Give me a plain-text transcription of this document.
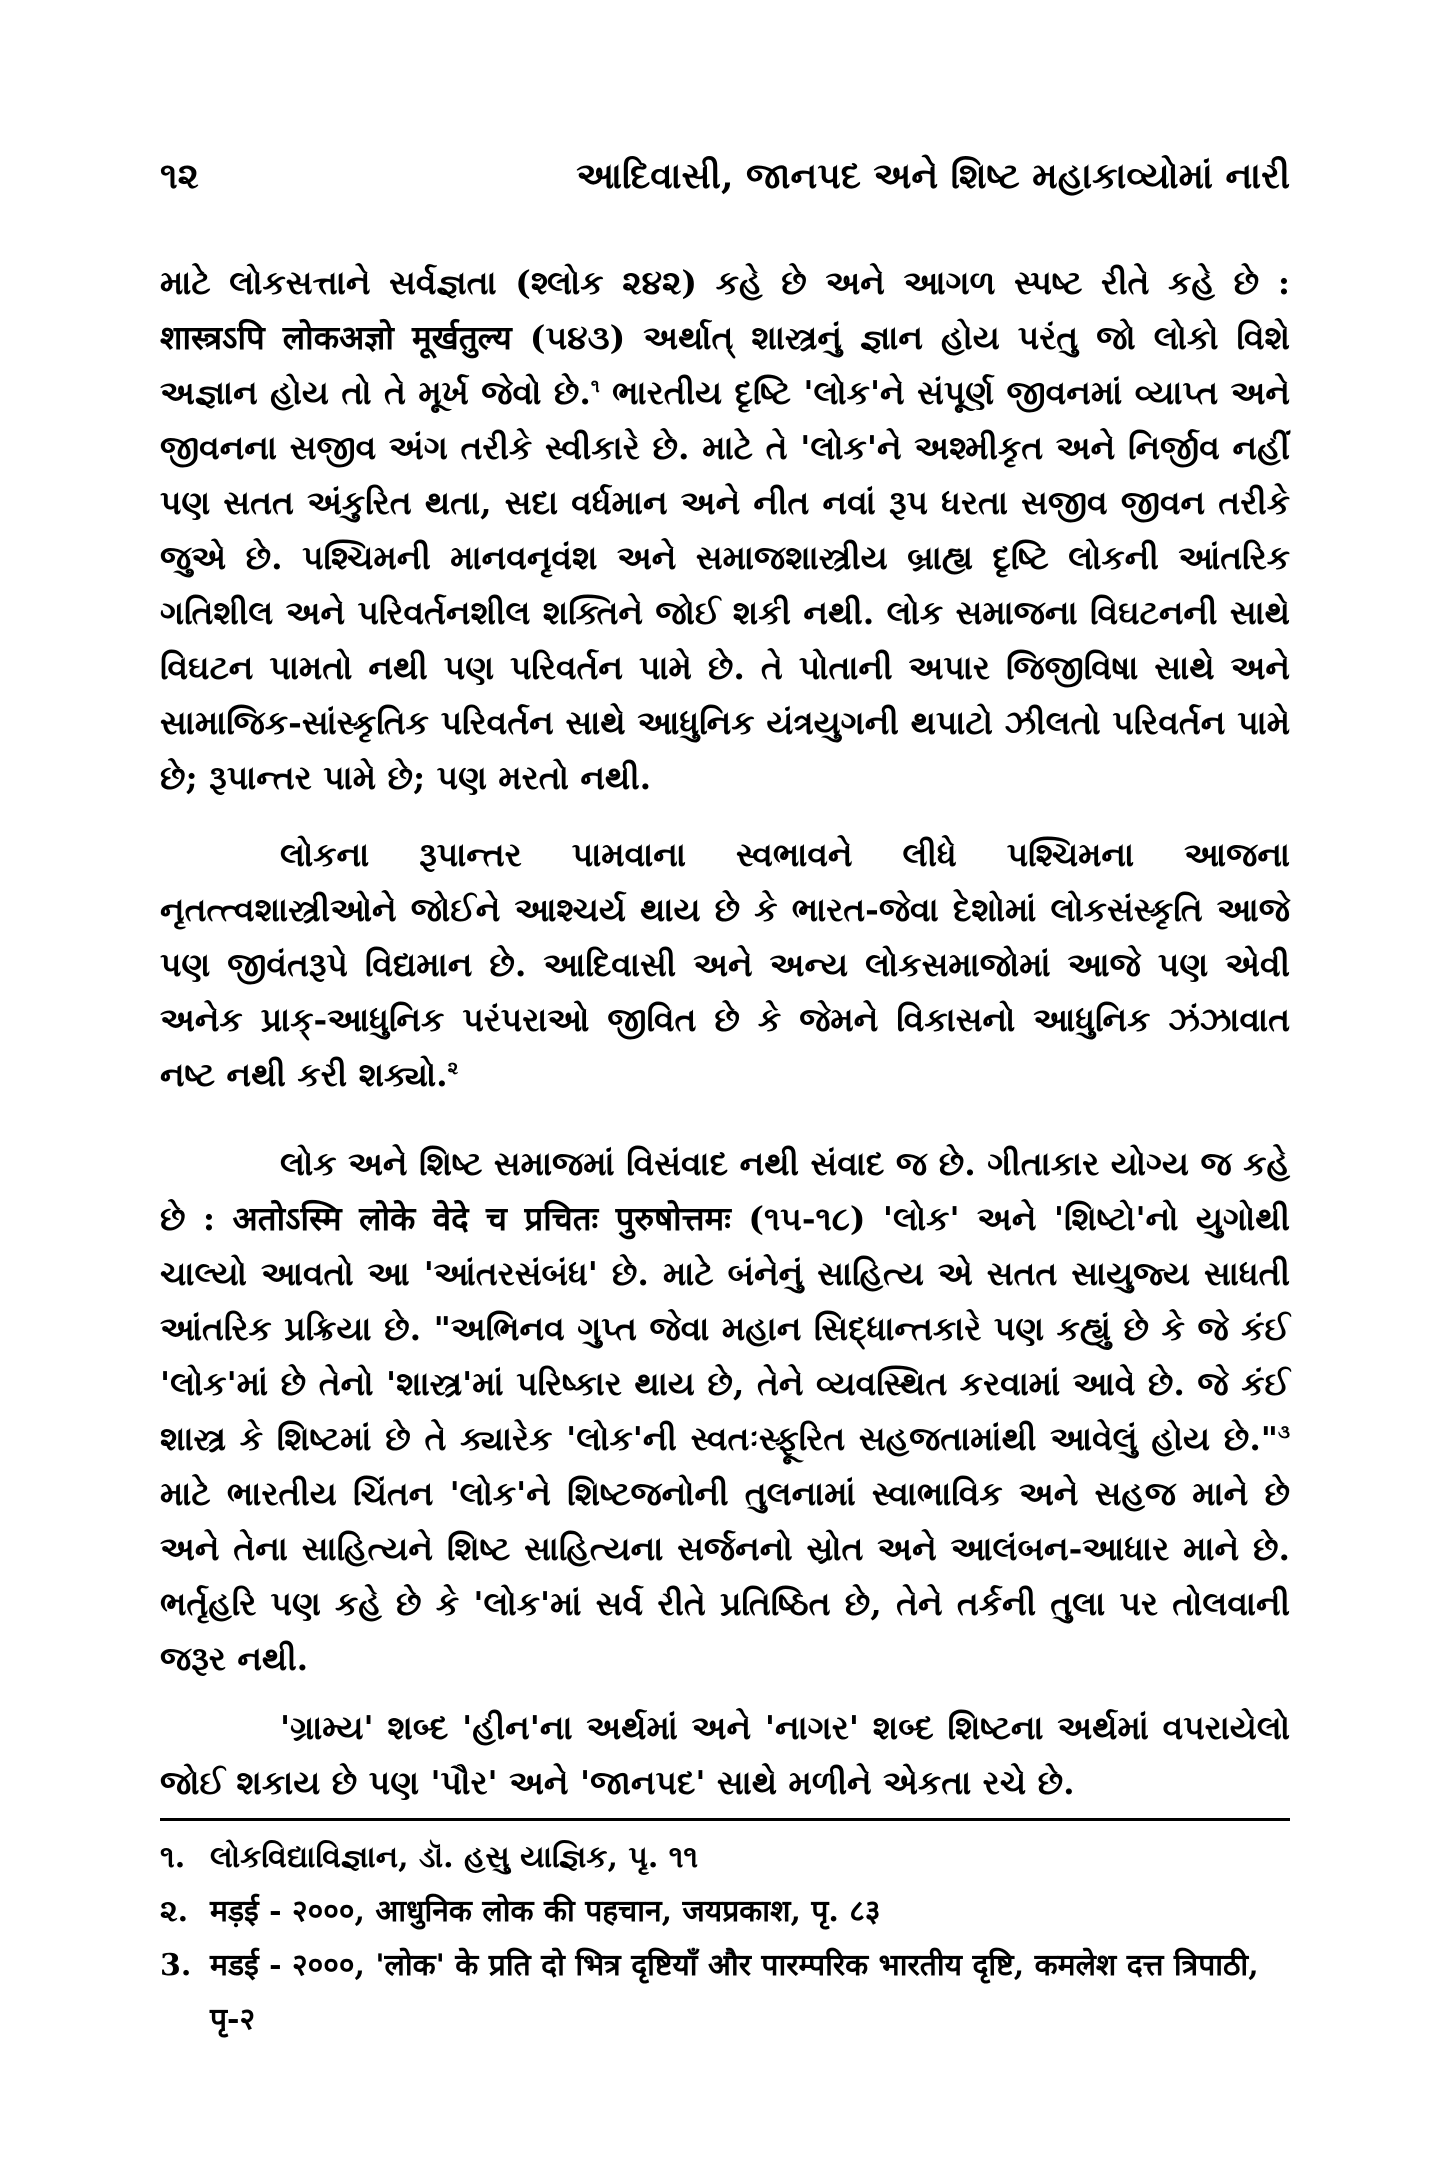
૧૨	આદિવાસી, જાનપદ અને શિષ્ટ મહાકાવ્યોમાં નારી

માટે લોકસત્તાને સર્વજ્ઞતા (શ્લોક ૨૪૨) કહે છે અને આગળ સ્પષ્ટ રીતે કહે છે : शास्त्रऽपि लोकअज्ञो मूर्खतुल्य (૫૪૩) અર્થાત્ શાસ્ત્રનું જ્ઞાન હોય પરંતુ જો લોકો વિશે અજ્ઞાન હોય તો તે મૂર્ખ જેવો છે.$^૧$ ભારતીય દૃષ્ટિ 'લોક'ને સંપૂર્ણ જીવનમાં વ્યાપ્ત અને જીવનના સજીવ અંગ તરીકે સ્વીકારે છે. માટે તે 'લોક'ને અશ્મીકૃત અને નિર્જીવ નહીં પણ સતત અંકુરિત થતા, સદા વર્ધમાન અને નીત નવાં રૂપ ધરતા સજીવ જીવન તરીકે જુએ છે. પશ્ચિમની માનવનૃવંશ અને સમાજશાસ્ત્રીય બ્રાહ્ય દૃષ્ટિ લોકની આંતરિક ગતિશીલ અને પરિવર્તનશીલ શક્તિને જોઈ શકી નથી. લોક સમાજના વિઘટનની સાથે વિઘટન પામતો નથી પણ પરિવર્તન પામે છે. તે પોતાની અપાર જિજીવિષા સાથે અને સામાજિક-સાંસ્કૃતિક પરિવર્તન સાથે આધુનિક યંત્રયુગની થપાટો ઝીલતો પરિવર્તન પામે છે; રૂપાન્તર પામે છે; પણ મરતો નથી.

લોકના રૂપાન્તર પામવાના સ્વભાવને લીધે પશ્ચિમના આજના નૃતત્ત્વશાસ્ત્રીઓને જોઈને આશ્ચર્ય થાય છે કે ભારત-જેવા દેશોમાં લોકસંસ્કૃતિ આજે પણ જીવંતરૂપે વિદ્યમાન છે. આદિવાસી અને અન્ય લોકસમાજોમાં આજે પણ એવી અનેક પ્રાક્-આધુનિક પરંપરાઓ જીવિત છે કે જેમને વિકાસનો આધુનિક ઝંઝાવાત નષ્ટ નથી કરી શક્યો.$^૨$

લોક અને શિષ્ટ સમાજમાં વિસંવાદ નથી સંવાદ જ છે. ગીતાકાર યોગ્ય જ કહે છે : अतोऽस्मि लोके वेदे च प्रचितः पुरुषोत्तमः (૧૫-૧૮) 'લોક' અને 'શિષ્ટો'નો યુગોથી ચાલ્યો આવતો આ 'આંતરસંબંધ' છે. માટે બંનેનું સાહિત્ય એ સતત સાયુજ્ય સાધતી આંતરિક પ્રક્રિયા છે. "અભિનવ ગુપ્ત જેવા મહાન સિદ્ધાન્તકારે પણ કહ્યું છે કે જે કંઈ 'લોક'માં છે તેનો 'શાસ્ત્ર'માં પરિષ્કાર થાય છે, તેને વ્યવસ્થિત કરવામાં આવે છે. જે કંઈ શાસ્ત્ર કે શિષ્ટમાં છે તે ક્યારેક 'લોક'ની સ્વતઃસ્ફૂરિત સહજતામાંથી આવેલું હોય છે."$^૩$ માટે ભારતીય ચિંતન 'લોક'ને શિષ્ટજનોની તુલનામાં સ્વાભાવિક અને સહજ માને છે અને તેના સાહિત્યને શિષ્ટ સાહિત્યના સર્જનનો સ્રોત અને આલંબન-આધાર માને છે. ભર્તૃહરિ પણ કહે છે કે 'લોક'માં સર્વ રીતે પ્રતિષ્ઠિત છે, તેને તર્કની તુલા પર તોલવાની જરૂર નથી.

'ગ્રામ્ય' શબ્દ 'હીન'ના અર્થમાં અને 'નાગર' શબ્દ શિષ્ટના અર્થમાં વપરાયેલો જોઈ શકાય છે પણ 'પૌર' અને 'જાનપદ' સાથે મળીને એકતા રચે છે.

૧. લોકવિદ્યાવિજ્ઞાન, ડૉ. હસુ યાજ્ઞિક, પૃ. ૧૧
૨. मड़ई - २०००, आधुनिक लोक की पहचान, जयप्रकाश, पृ. ८३
3. मडई - २०००, 'लोक' के प्रति दो भित्र दृष्टियाँ और पारम्परिक भारतीय दृष्टि, कमलेश दत्त त्रिपाठी, पृ-२
